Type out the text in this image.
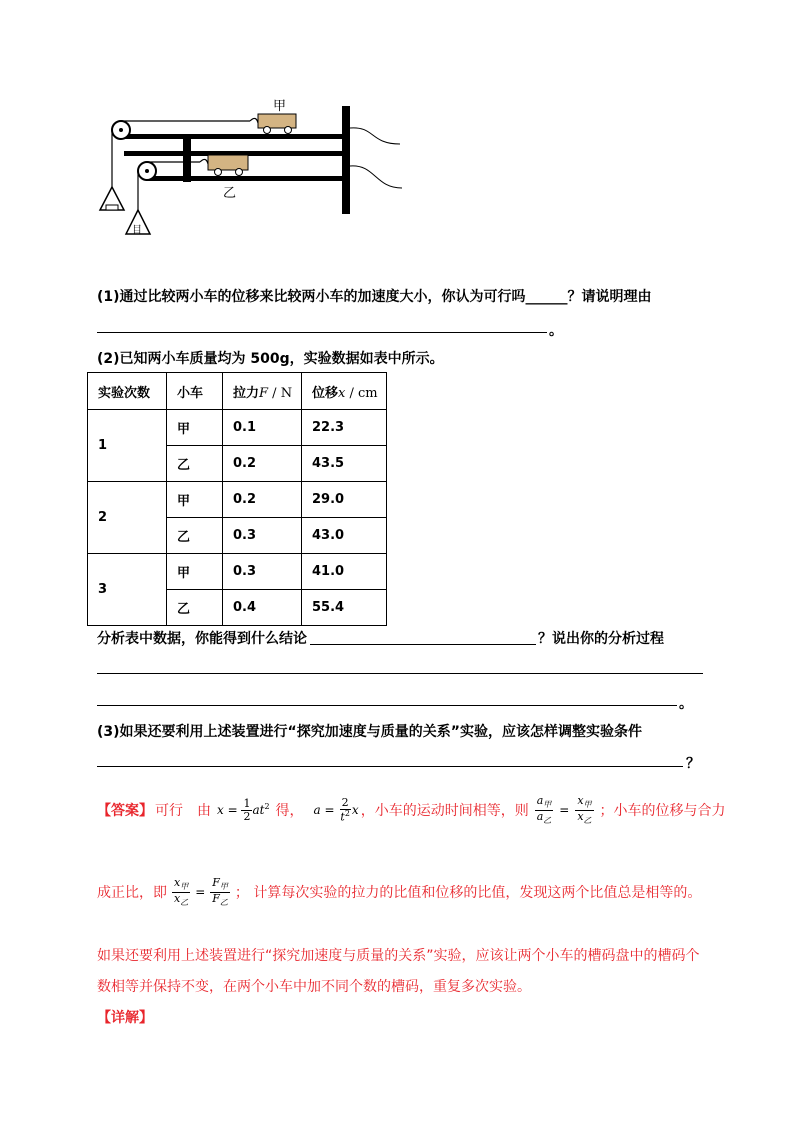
目
甲
乙
(1)通过比较两小车的位移来比较两小车的加速度大小，你认为可行吗______？请说明理由
。
(2)已知两小车质量均为 500g，实验数据如表中所示。
实验次数	小车	拉力F / N	位移x / cm
1	甲	0.1	22.3
	乙	0.2	43.5
2	甲	0.2	29.0
	乙	0.3	43.0
3	甲	0.3	41.0
	乙	0.4	55.4
分析表中数据，你能得到什么结论	？说出你的分析过程
。
(3)如果还要利用上述装置进行“探究加速度与质量的关系”实验，应该怎样调整实验条件
？
【答案】 可行　由 $x = \frac{1}{2} at^2$ 得， $a = \frac{2}{t^2}$ x ，小车的运动时间相等，则 $\frac{a_甲}{a_乙} = \frac{x_甲}{x_乙}$ ；小车的位移与合力
成正比，即 $\frac{x_甲}{x_乙} = \frac{F_甲}{F_乙}$ ； 计算每次实验的拉力的比值和位移的比值，发现这两个比值总是相等的。
如果还要利用上述装置进行“探究加速度与质量的关系”实验，应该让两个小车的槽码盘中的槽码个
数相等并保持不变，在两个小车中加不同个数的槽码，重复多次实验。
【详解】
